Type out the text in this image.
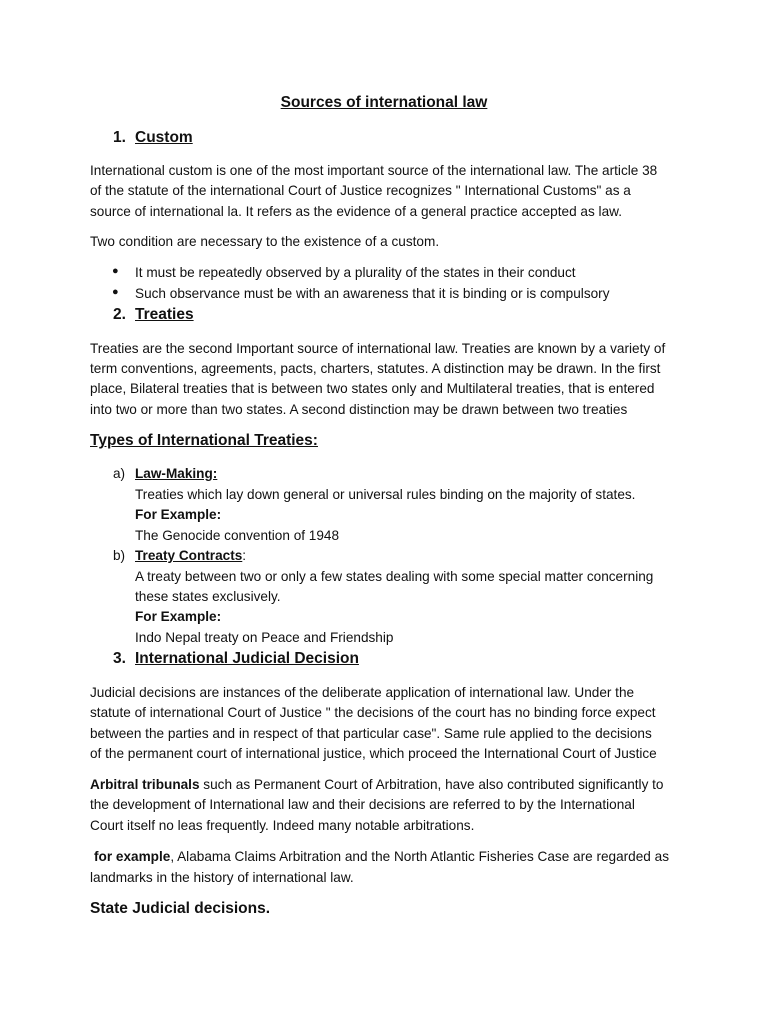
Sources of international law
1. Custom
International custom is one of the most important source of the international law. The article 38
of the statute of the international Court of Justice recognizes " International Customs" as a
source of international la. It refers as the evidence of a general practice accepted as law.
Two condition are necessary to the existence of a custom.
● It must be repeatedly observed by a plurality of the states in their conduct
● Such observance must be with an awareness that it is binding or is compulsory
2. Treaties
Treaties are the second Important source of international law. Treaties are known by a variety of
term conventions, agreements, pacts, charters, statutes. A distinction may be drawn. In the first
place, Bilateral treaties that is between two states only and Multilateral treaties, that is entered
into two or more than two states. A second distinction may be drawn between two treaties
Types of International Treaties:
a) Law-Making:
Treaties which lay down general or universal rules binding on the majority of states.
For Example:
The Genocide convention of 1948
b) Treaty Contracts:
A treaty between two or only a few states dealing with some special matter concerning
these states exclusively.
For Example:
Indo Nepal treaty on Peace and Friendship
3. International Judicial Decision
Judicial decisions are instances of the deliberate application of international law. Under the
statute of international Court of Justice " the decisions of the court has no binding force expect
between the parties and in respect of that particular case". Same rule applied to the decisions
of the permanent court of international justice, which proceed the International Court of Justice
Arbitral tribunals such as Permanent Court of Arbitration, have also contributed significantly to
the development of International law and their decisions are referred to by the International
Court itself no leas frequently. Indeed many notable arbitrations.
for example, Alabama Claims Arbitration and the North Atlantic Fisheries Case are regarded as
landmarks in the history of international law.
State Judicial decisions.
